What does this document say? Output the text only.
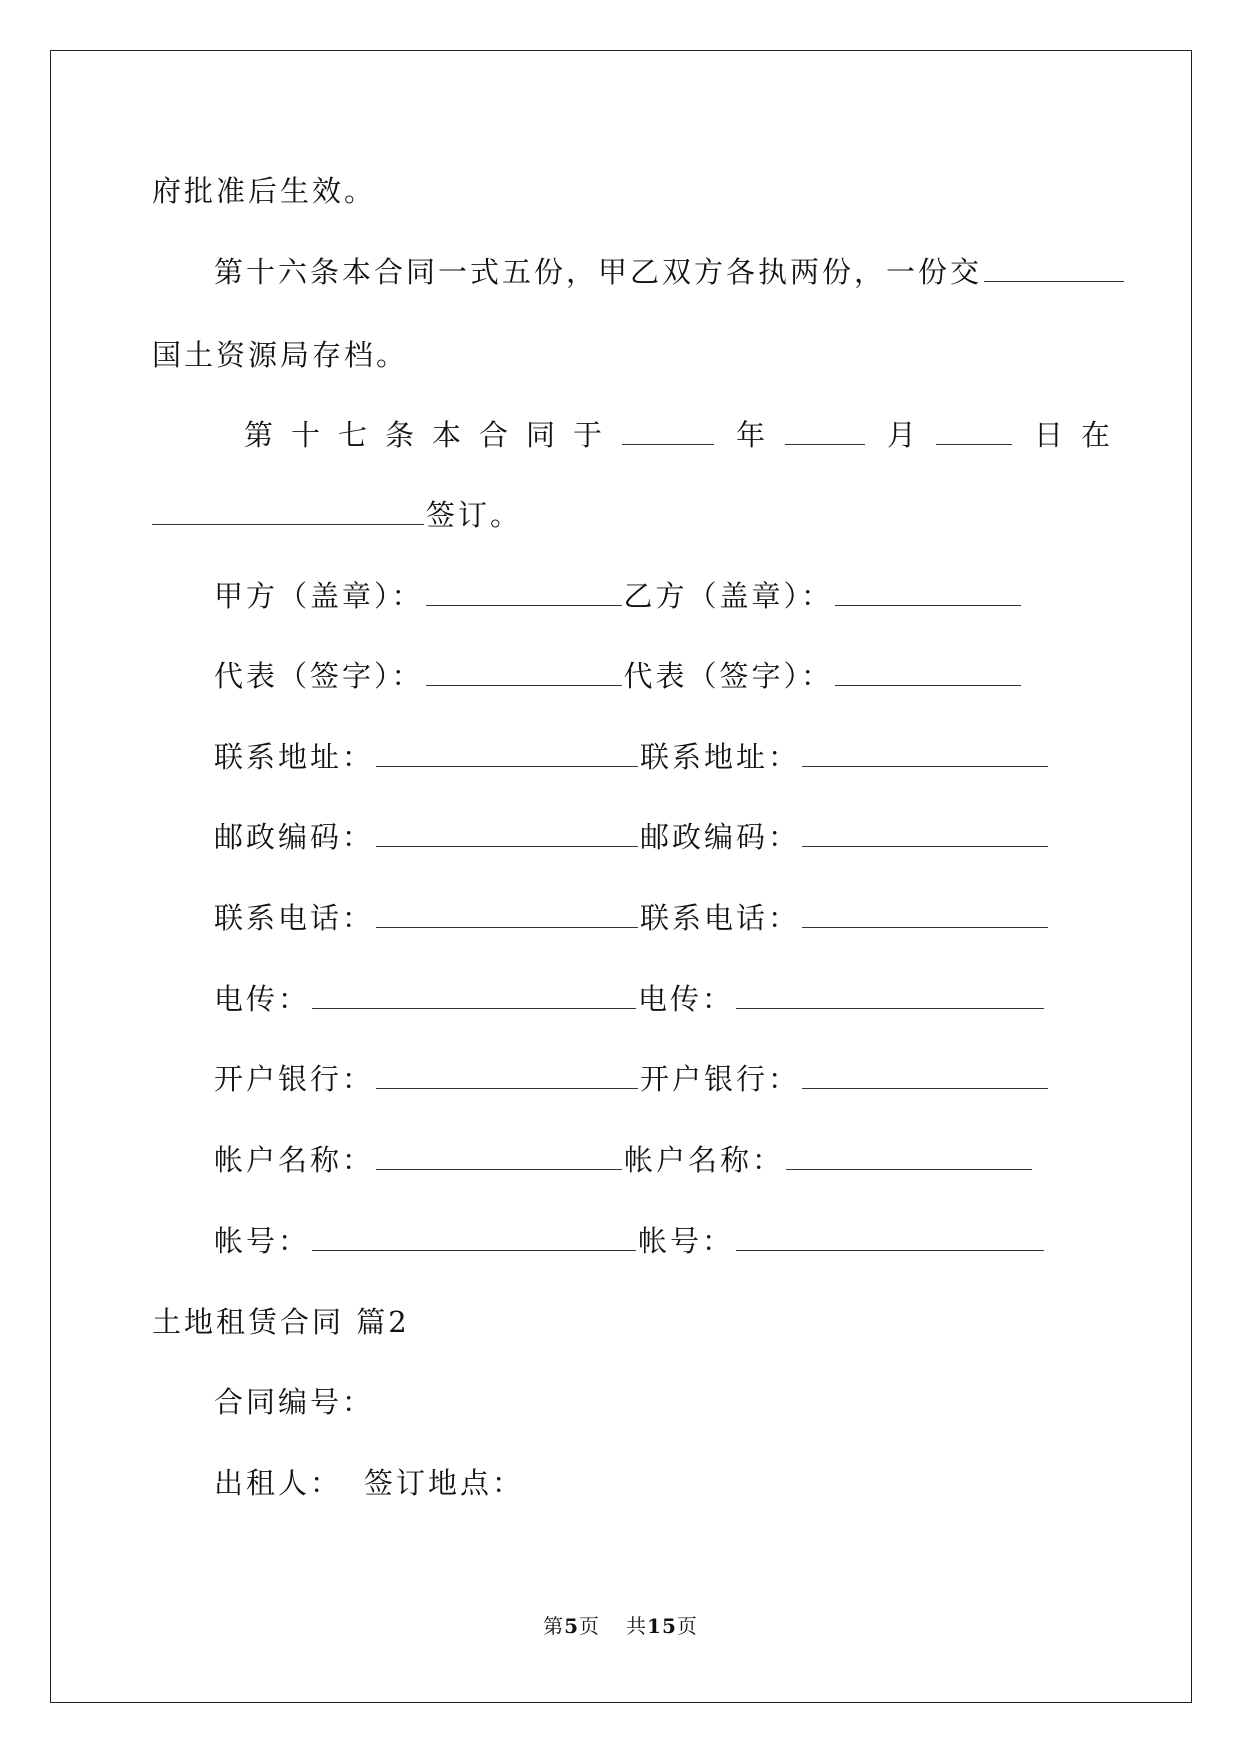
府批准后生效。
第十六条本合同一式五份，甲乙双方各执两份，一份交
国土资源局存档。
第十七条本合同于	年	月	日在
签订。
甲方（盖章）：	乙方（盖章）：
代表（签字）：	代表（签字）：
联系地址：	联系地址：
邮政编码：	邮政编码：
联系电话：	联系电话：
电传：	电传：
开户银行：	开户银行：
帐户名称：	帐户名称：
帐号：	帐号：
土地租赁合同 篇2
合同编号：
出租人： 签订地点：
第5页 共15页
